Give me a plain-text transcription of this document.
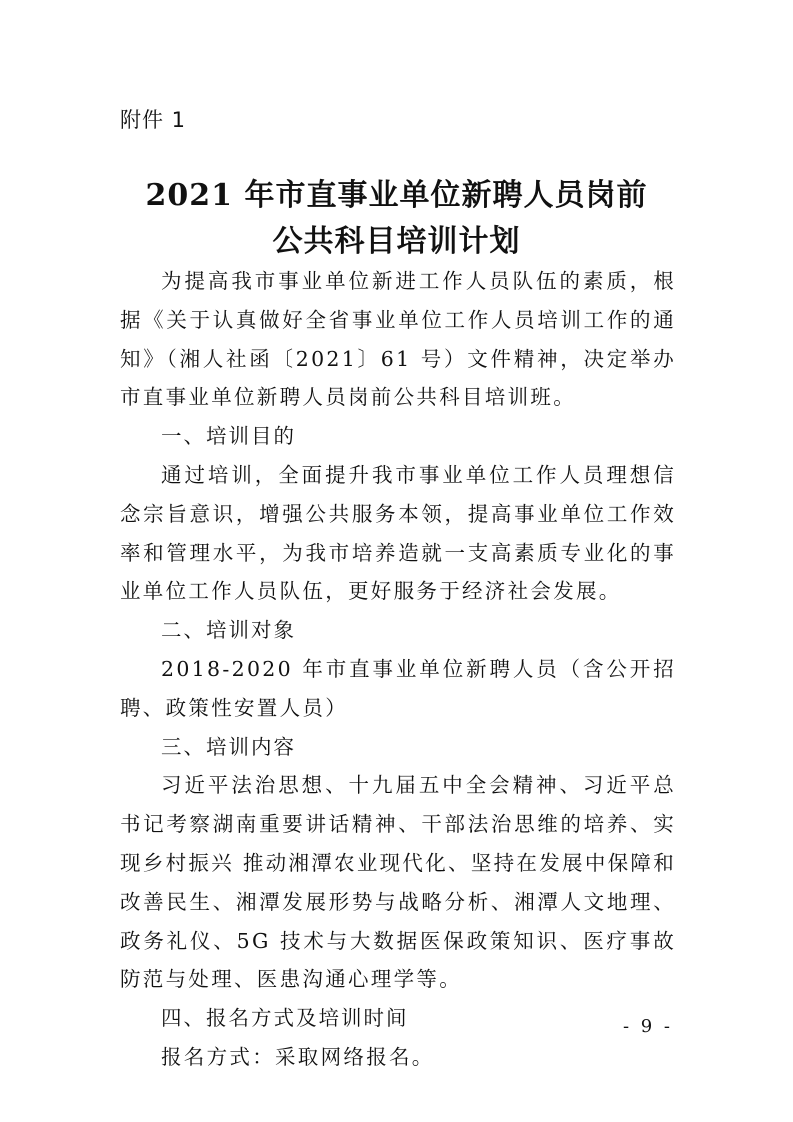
附件 1
2021 年市直事业单位新聘人员岗前
公共科目培训计划

为提高我市事业单位新进工作人员队伍的素质，根据《关于认真做好全省事业单位工作人员培训工作的通知》（湘人社函〔2021〕61 号）文件精神，决定举办市直事业单位新聘人员岗前公共科目培训班。

一、培训目的

通过培训，全面提升我市事业单位工作人员理想信念宗旨意识，增强公共服务本领，提高事业单位工作效率和管理水平，为我市培养造就一支高素质专业化的事业单位工作人员队伍，更好服务于经济社会发展。

二、培训对象

2018-2020 年市直事业单位新聘人员（含公开招聘、政策性安置人员）

三、培训内容

习近平法治思想、十九届五中全会精神、习近平总书记考察湖南重要讲话精神、干部法治思维的培养、实现乡村振兴 推动湘潭农业现代化、坚持在发展中保障和改善民生、湘潭发展形势与战略分析、湘潭人文地理、政务礼仪、5G 技术与大数据医保政策知识、医疗事故防范与处理、医患沟通心理学等。

四、报名方式及培训时间

报名方式：采取网络报名。

- 9 -
